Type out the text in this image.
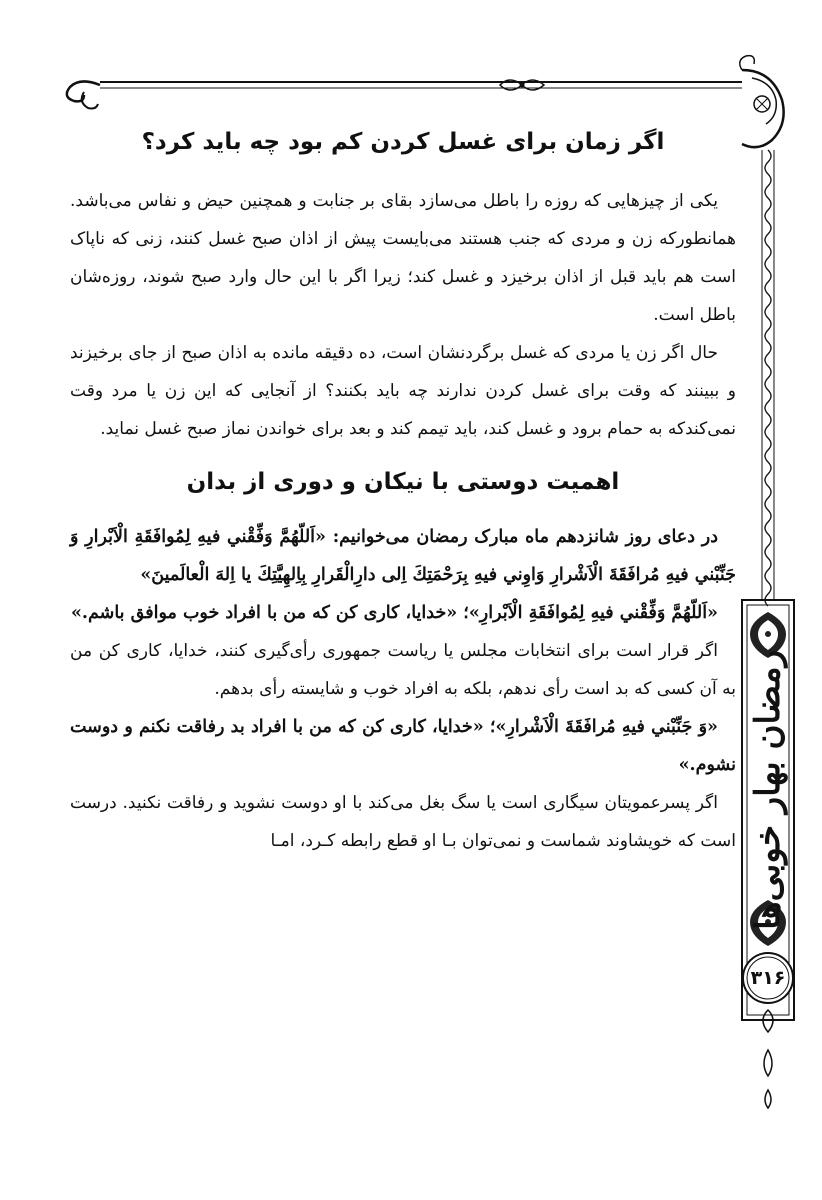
اگر زمان برای غسل کردن کم بود چه باید کرد؟

یکی از چیزهایی که روزه را باطل می‌سازد بقای بر جنابت و همچنین حیض و نفاس می‌باشد. همانطورکه زن و مردی که جنب هستند می‌بایست پیش از اذان صبح غسل کنند، زنی که ناپاک است هم باید قبل از اذان برخیزد و غسل کند؛ زیرا اگر با این حال وارد صبح شوند، روزه‌شان باطل است.

حال اگر زن یا مردی که غسل برگردنشان است، ده دقیقه مانده به اذان صبح از جای برخیزند و ببینند که وقت برای غسل کردن ندارند چه باید بکنند؟ از آنجایی که این زن یا مرد وقت نمی‌کندکه به حمام برود و غسل کند، باید تیمم کند و بعد برای خواندن نماز صبح غسل نماید.

اهمیت دوستی با نیکان و دوری از بدان

در دعای روز شانزدهم ماه مبارک رمضان می‌خوانیم: «اَللّهُمَّ وَفِّقْني فيهِ لِمُوافَقَةِ الْاَبْرارِ وَ جَنِّبْني فيهِ مُرافَقَةَ الْاَشْرارِ وَ‌اوِني فيهِ بِرَحْمَتِكَ اِلى دارِالْقَرارِ بِاِلهِيَّتِكَ يا اِلهَ الْعالَمينَ»

«اَللّهُمَّ وَفِّقْني فيهِ لِمُوافَقَةِ الْاَبْرارِ»؛ «خدایا، کاری کن که من با افراد خوب موافق باشم.»

اگر قرار است برای انتخابات مجلس یا ریاست جمهوری رأی‌گیری کنند، خدایا، کاری کن من به آن کسی که بد است رأی ندهم، بلکه به افراد خوب و شایسته رأی بدهم.

«وَ جَنِّبْني فيهِ مُرافَقَةَ الْاَشْرارِ»؛ «خدایا، کاری کن که من با افراد بد رفاقت نکنم و دوست نشوم.»

اگر پسرعمویتان سیگاری است یا سگ بغل می‌کند با او دوست نشوید و رفاقت نکنید. درست است که خویشاوند شماست و نمی‌توان بـا او قطع رابطه کـرد، امـا رمضان بهار خوبی‌ها
۳۱۶
